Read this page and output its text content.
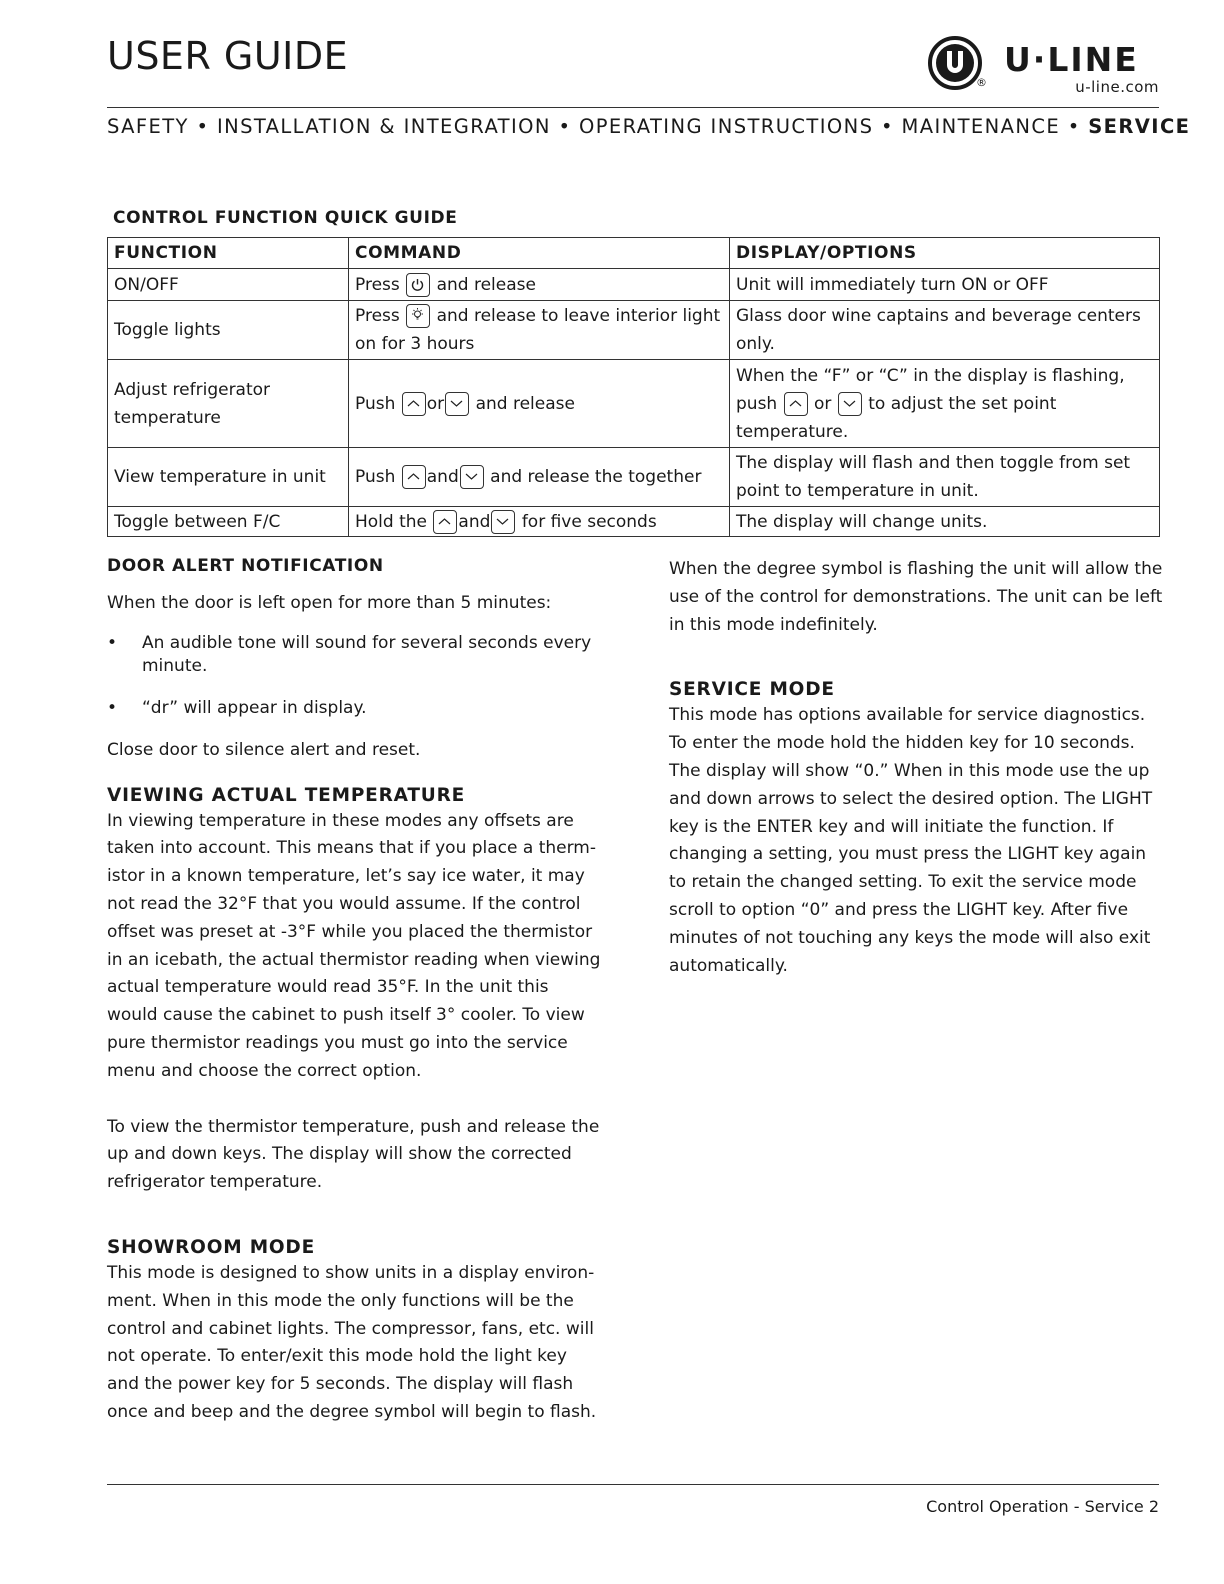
USER GUIDE
®
U·LINE
u-line.com
SAFETY • INSTALLATION & INTEGRATION • OPERATING INSTRUCTIONS • MAINTENANCE • SERVICE
CONTROL FUNCTION QUICK GUIDE
FUNCTION	COMMAND	DISPLAY/OPTIONS
ON/OFF	Press and release	Unit will immediately turn ON or OFF
Toggle lights	Press and release to leave interior light on for 3 hours	Glass door wine captains and beverage centers only.
Adjust refrigerator temperature	Push or and release	When the “F” or “C” in the display is flashing, push or to adjust the set point temperature.
View temperature in unit	Push and and release the together	The display will flash and then toggle from set point to temperature in unit.
Toggle between F/C	Hold the and for five seconds	The display will change units.
DOOR ALERT NOTIFICATION

When the door is left open for more than 5 minutes:

• An audible tone will sound for several seconds every minute.
• “dr” will appear in display.

Close door to silence alert and reset.

VIEWING ACTUAL TEMPERATURE

In viewing temperature in these modes any offsets are taken into account. This means that if you place a therm-istor in a known temperature, let’s say ice water, it may not read the 32°F that you would assume. If the control offset was preset at -3°F while you placed the thermistor in an icebath, the actual thermistor reading when viewing actual temperature would read 35°F. In the unit this would cause the cabinet to push itself 3° cooler. To view pure thermistor readings you must go into the service menu and choose the correct option.

To view the thermistor temperature, push and release the up and down keys. The display will show the corrected refrigerator temperature.

SHOWROOM MODE

This mode is designed to show units in a display environ-ment. When in this mode the only functions will be the control and cabinet lights. The compressor, fans, etc. will not operate. To enter/exit this mode hold the light key and the power key for 5 seconds. The display will flash once and beep and the degree symbol will begin to flash.

When the degree symbol is flashing the unit will allow the use of the control for demonstrations. The unit can be left in this mode indefinitely.

SERVICE MODE

This mode has options available for service diagnostics. To enter the mode hold the hidden key for 10 seconds. The display will show “0.” When in this mode use the up and down arrows to select the desired option. The LIGHT key is the ENTER key and will initiate the function. If changing a setting, you must press the LIGHT key again to retain the changed setting. To exit the service mode scroll to option “0” and press the LIGHT key. After five minutes of not touching any keys the mode will also exit automatically.

Control Operation - Service 2
